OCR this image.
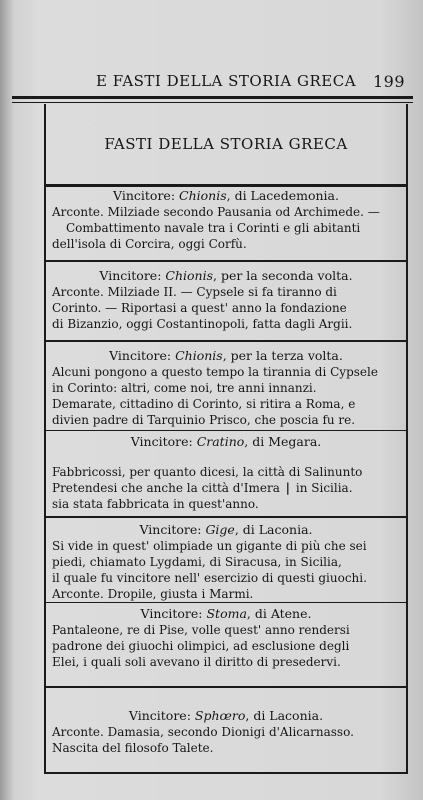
E FASTI DELLA STORIA GRECA 199
FASTI DELLA STORIA GRECA
Vincitore: Chionis, di Lacedemonia.

Arconte. Milziade secondo Pausania od Archimede. —

Combattimento navale tra i Corinti e gli abitanti

dell'isola di Corcira, oggi Corfù.

Vincitore: Chionis, per la seconda volta.

Arconte. Milziade II. — Cypsele si fa tiranno di

Corinto. — Riportasi a quest' anno la fondazione

di Bizanzio, oggi Costantinopoli, fatta dagli Argii.

Vincitore: Chionis, per la terza volta.

Alcuni pongono a questo tempo la tirannia di Cypsele

in Corinto: altri, come noi, tre anni innanzi.

Demarate, cittadino di Corinto, si ritira a Roma, e

divien padre di Tarquinio Prisco, che poscia fu re.

Vincitore: Cratino, di Megara.

Fabbricossi, per quanto dicesi, la città di Salinunto

Pretendesi che anche la città d'Imera | in Sicilia.

sia stata fabbricata in quest'anno.

Vincitore: Gige, di Laconia.

Si vide in quest' olimpiade un gigante di più che sei

piedi, chiamato Lygdami, di Siracusa, in Sicilia,

il quale fu vincitore nell' esercizio di questi giuochi.

Arconte. Dropile, giusta i Marmi.

Vincitore: Stoma, di Atene.

Pantaleone, re di Pise, volle quest' anno rendersi

padrone dei giuochi olimpici, ad esclusione degli

Elei, i quali soli avevano il diritto di presedervi.

Vincitore: Sphœro, di Laconia.

Arconte. Damasia, secondo Dionigi d'Alicarnasso.

Nascita del filosofo Talete.
